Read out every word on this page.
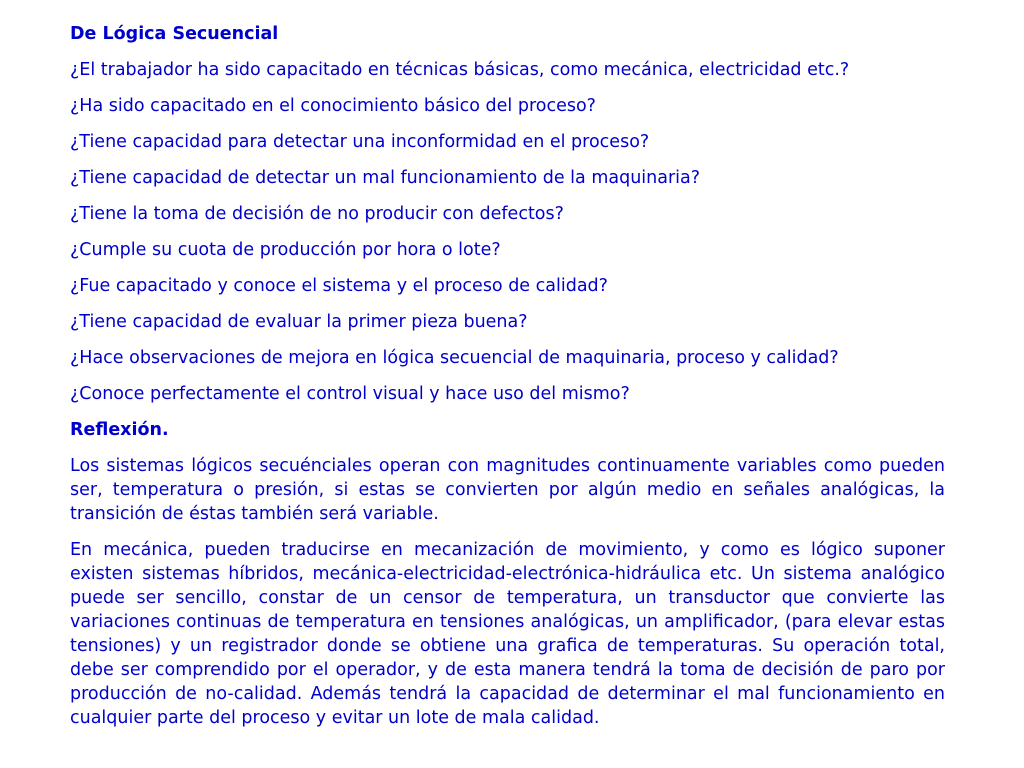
De Lógica Secuencial
¿El trabajador ha sido capacitado en técnicas básicas, como mecánica, electricidad etc.?
¿Ha sido capacitado en el conocimiento básico del proceso?
¿Tiene capacidad para detectar una inconformidad en el proceso?
¿Tiene capacidad de detectar un mal funcionamiento de la maquinaria?
¿Tiene la toma de decisión de no producir con defectos?
¿Cumple su cuota de producción por hora o lote?
¿Fue capacitado y conoce el sistema y el proceso de calidad?
¿Tiene capacidad de evaluar la primer pieza buena?
¿Hace observaciones de mejora en lógica secuencial de maquinaria, proceso y calidad?
¿Conoce perfectamente el control visual y hace uso del mismo?
Reflexión.
Los sistemas lógicos secuénciales operan con magnitudes continuamente variables como pueden ser, temperatura o presión, si estas se convierten por algún medio en señales analógicas, la transición de éstas también será variable.
En mecánica, pueden traducirse en mecanización de movimiento, y como es lógico suponer existen sistemas híbridos, mecánica-electricidad-electrónica-hidráulica etc. Un sistema analógico puede ser sencillo, constar de un censor de temperatura, un transductor que convierte las variaciones continuas de temperatura en tensiones analógicas, un amplificador, (para elevar estas tensiones) y un registrador donde se obtiene una grafica de temperaturas. Su operación total, debe ser comprendido por el operador, y de esta manera tendrá la toma de decisión de paro por producción de no-calidad. Además tendrá la capacidad de determinar el mal funcionamiento en cualquier parte del proceso y evitar un lote de mala calidad.
